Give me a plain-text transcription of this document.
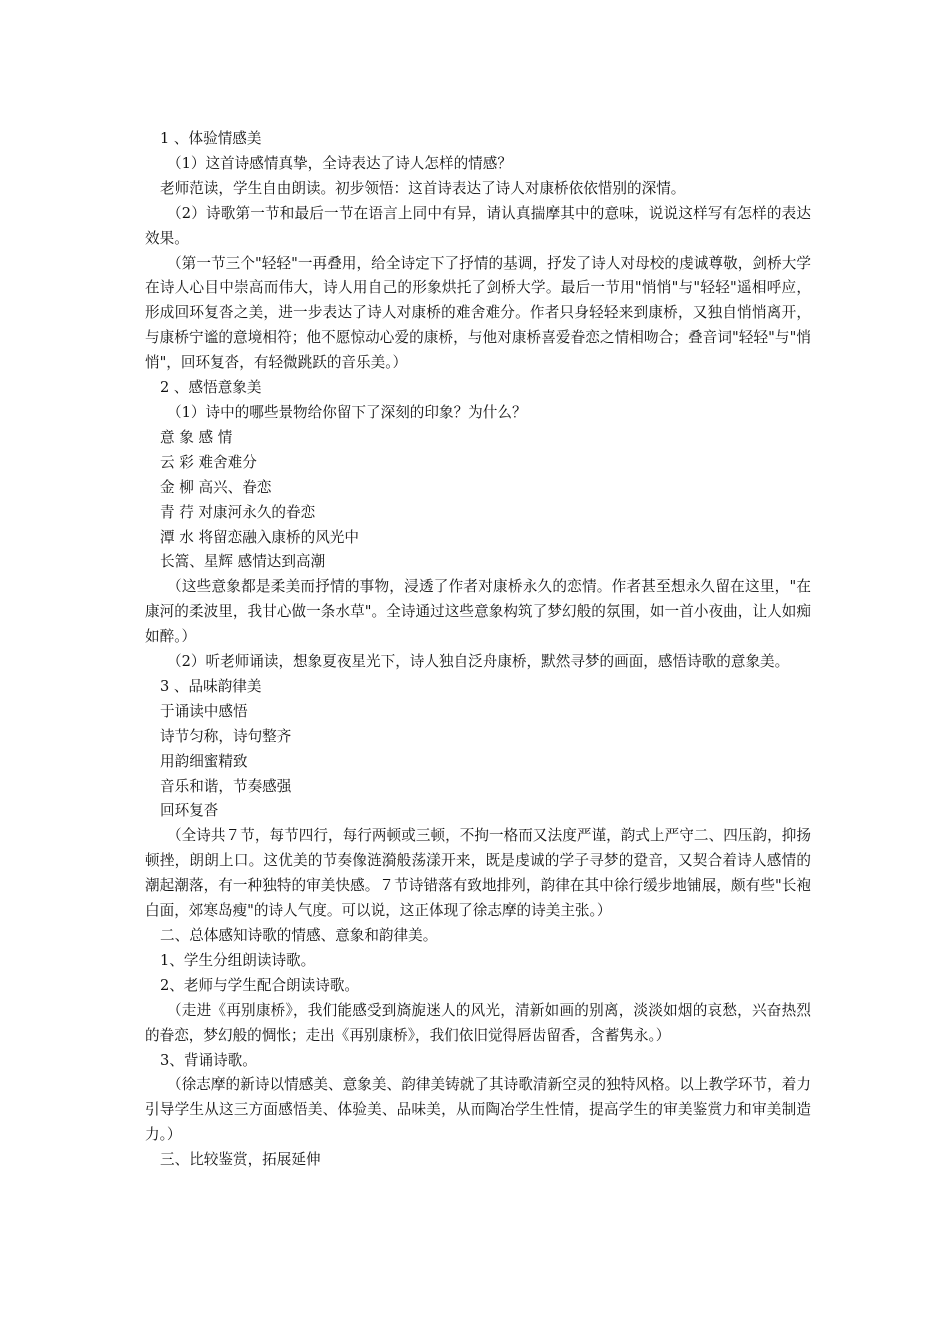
1 、体验情感美

（1）这首诗感情真挚，全诗表达了诗人怎样的情感？

老师范读，学生自由朗读。初步领悟：这首诗表达了诗人对康桥依依惜别的深情。

（2）诗歌第一节和最后一节在语言上同中有异，请认真揣摩其中的意味，说说这样写有怎样的表达效果。

（第一节三个"轻轻"一再叠用，给全诗定下了抒情的基调，抒发了诗人对母校的虔诚尊敬，剑桥大学在诗人心目中崇高而伟大，诗人用自己的形象烘托了剑桥大学。最后一节用"悄悄"与"轻轻"遥相呼应，形成回环复沓之美，进一步表达了诗人对康桥的难舍难分。作者只身轻轻来到康桥，又独自悄悄离开，与康桥宁谧的意境相符；他不愿惊动心爱的康桥，与他对康桥喜爱眷恋之情相吻合；叠音词"轻轻"与"悄悄"，回环复沓，有轻微跳跃的音乐美。）

2 、感悟意象美

（1）诗中的哪些景物给你留下了深刻的印象？为什么？

意 象 感 情

云 彩 难舍难分

金 柳 高兴、眷恋

青 荇 对康河永久的眷恋

潭 水 将留恋融入康桥的风光中

长篙、星辉 感情达到高潮

（这些意象都是柔美而抒情的事物，浸透了作者对康桥永久的恋情。作者甚至想永久留在这里，"在康河的柔波里，我甘心做一条水草"。全诗通过这些意象构筑了梦幻般的氛围，如一首小夜曲，让人如痴如醉。）

（2）听老师诵读，想象夏夜星光下，诗人独自泛舟康桥，默然寻梦的画面，感悟诗歌的意象美。

3 、品味韵律美

于诵读中感悟

诗节匀称，诗句整齐

用韵细蜜精致

音乐和谐，节奏感强

回环复沓

（全诗共７节，每节四行，每行两顿或三顿，不拘一格而又法度严谨，韵式上严守二、四压韵，抑扬顿挫，朗朗上口。这优美的节奏像涟漪般荡漾开来，既是虔诚的学子寻梦的跫音，又契合着诗人感情的潮起潮落，有一种独特的审美快感。７节诗错落有致地排列，韵律在其中徐行缓步地铺展，颇有些"长袍白面，郊寒岛瘦"的诗人气度。可以说，这正体现了徐志摩的诗美主张。）

二、总体感知诗歌的情感、意象和韵律美。

1、学生分组朗读诗歌。

2、老师与学生配合朗读诗歌。

（走进《再别康桥》，我们能感受到旖旎迷人的风光，清新如画的别离，淡淡如烟的哀愁，兴奋热烈的眷恋，梦幻般的惆怅；走出《再别康桥》，我们依旧觉得唇齿留香，含蓄隽永。）

3、背诵诗歌。

（徐志摩的新诗以情感美、意象美、韵律美铸就了其诗歌清新空灵的独特风格。以上教学环节，着力引导学生从这三方面感悟美、体验美、品味美，从而陶冶学生性情，提高学生的审美鉴赏力和审美制造力。）

三、比较鉴赏，拓展延伸
